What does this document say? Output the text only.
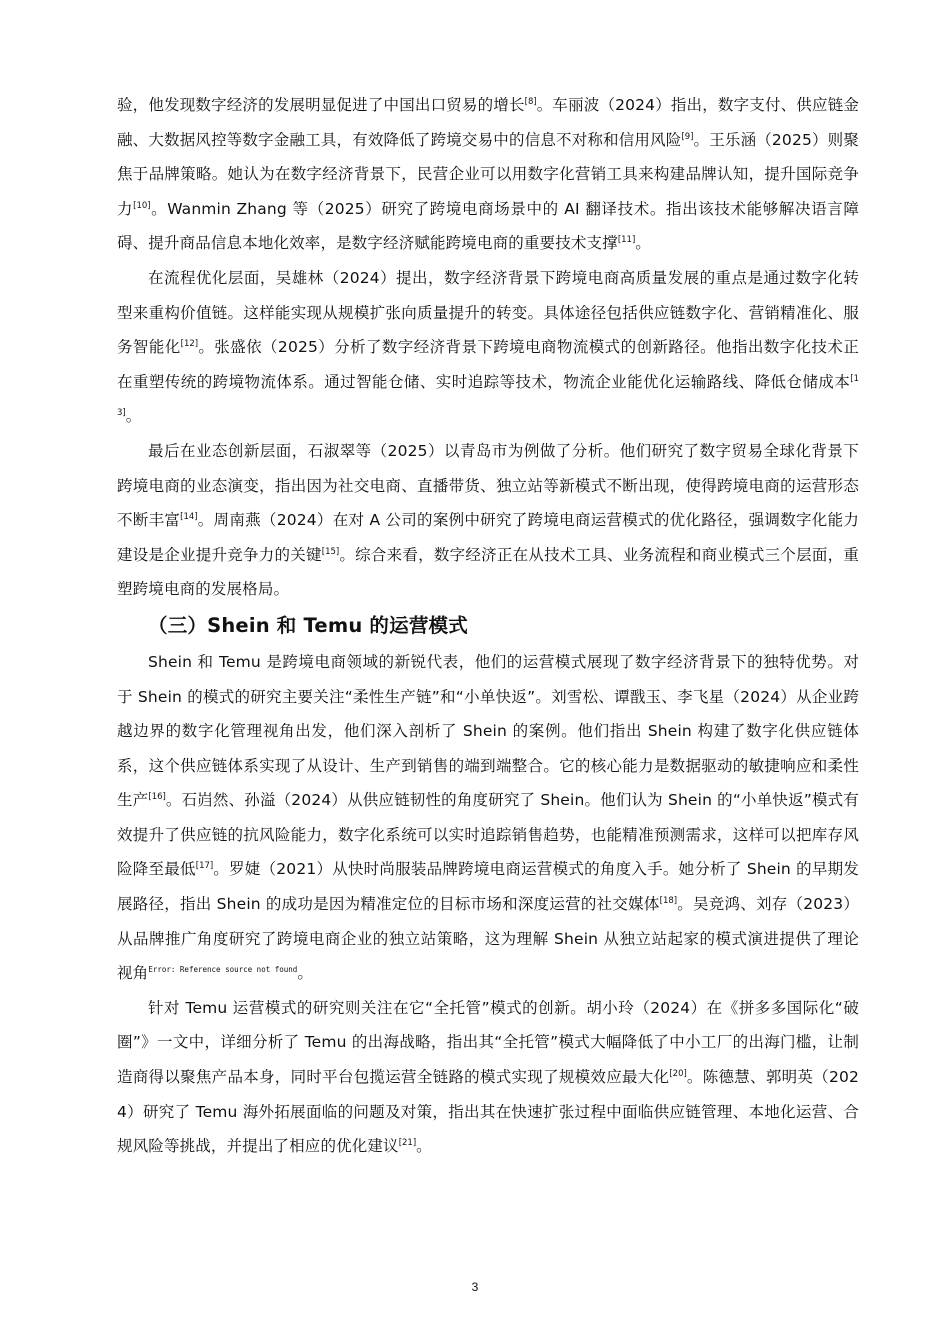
验，他发现数字经济的发展明显促进了中国出口贸易的增长[8]。车丽波（2024）指出，数字支付、供应链金融、大数据风控等数字金融工具，有效降低了跨境交易中的信息不对称和信用风险[9]。王乐涵（2025）则聚焦于品牌策略。她认为在数字经济背景下，民营企业可以用数字化营销工具来构建品牌认知，提升国际竞争力[10]。Wanmin Zhang 等（2025）研究了跨境电商场景中的 AI 翻译技术。指出该技术能够解决语言障碍、提升商品信息本地化效率，是数字经济赋能跨境电商的重要技术支撑[11]。

在流程优化层面，吴雄林（2024）提出，数字经济背景下跨境电商高质量发展的重点是通过数字化转型来重构价值链。这样能实现从规模扩张向质量提升的转变。具体途径包括供应链数字化、营销精准化、服务智能化[12]。张盛依（2025）分析了数字经济背景下跨境电商物流模式的创新路径。他指出数字化技术正在重塑传统的跨境物流体系。通过智能仓储、实时追踪等技术，物流企业能优化运输路线、降低仓储成本[13]。

最后在业态创新层面，石淑翠等（2025）以青岛市为例做了分析。他们研究了数字贸易全球化背景下跨境电商的业态演变，指出因为社交电商、直播带货、独立站等新模式不断出现，使得跨境电商的运营形态不断丰富[14]。周南燕（2024）在对 A 公司的案例中研究了跨境电商运营模式的优化路径，强调数字化能力建设是企业提升竞争力的关键[15]。综合来看，数字经济正在从技术工具、业务流程和商业模式三个层面，重塑跨境电商的发展格局。

（三）Shein 和 Temu 的运营模式

Shein 和 Temu 是跨境电商领域的新锐代表，他们的运营模式展现了数字经济背景下的独特优势。对于 Shein 的模式的研究主要关注“柔性生产链”和“小单快返”。刘雪松、谭戬玉、李飞星（2024）从企业跨越边界的数字化管理视角出发，他们深入剖析了 Shein 的案例。他们指出 Shein 构建了数字化供应链体系，这个供应链体系实现了从设计、生产到销售的端到端整合。它的核心能力是数据驱动的敏捷响应和柔性生产[16]。石岿然、孙溢（2024）从供应链韧性的角度研究了 Shein。他们认为 Shein 的“小单快返”模式有效提升了供应链的抗风险能力，数字化系统可以实时追踪销售趋势，也能精准预测需求，这样可以把库存风险降至最低[17]。罗婕（2021）从快时尚服装品牌跨境电商运营模式的角度入手。她分析了 Shein 的早期发展路径，指出 Shein 的成功是因为精准定位的目标市场和深度运营的社交媒体[18]。吴竞鸿、刘存（2023）从品牌推广角度研究了跨境电商企业的独立站策略，这为理解 Shein 从独立站起家的模式演进提供了理论视角$^{Error: Reference source not found}$。

针对 Temu 运营模式的研究则关注在它“全托管”模式的创新。胡小玲（2024）在《拼多多国际化“破圈”》一文中，详细分析了 Temu 的出海战略，指出其“全托管”模式大幅降低了中小工厂的出海门槛，让制造商得以聚焦产品本身，同时平台包揽运营全链路的模式实现了规模效应最大化[20]。陈德慧、郭明英（2024）研究了 Temu 海外拓展面临的问题及对策，指出其在快速扩张过程中面临供应链管理、本地化运营、合规风险等挑战，并提出了相应的优化建议[21]。

3
